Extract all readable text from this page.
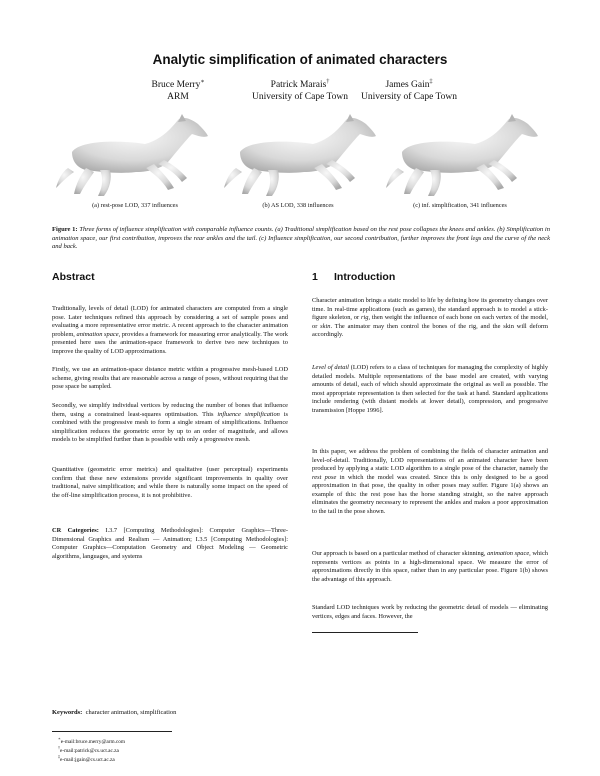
Analytic simplification of animated characters
Bruce Merry∗
ARM
Patrick Marais†
University of Cape Town
James Gain‡
University of Cape Town
(a) rest-pose LOD, 337 influences	(b) AS LOD, 338 influences	(c) inf. simplification, 341 influences
Figure 1: Three forms of influence simplification with comparable influence counts. (a) Traditional simplification based on the rest pose collapses the knees and ankles. (b) Simplification in animation space, our first contribution, improves the rear ankles and the tail. (c) Influence simplification, our second contribution, further improves the front legs and the curve of the neck and back.
Abstract	1 Introduction

Traditionally, levels of detail (LOD) for animated characters are computed from a single pose. Later techniques refined this approach by considering a set of sample poses and evaluating a more representative error metric. A recent approach to the character animation problem, animation space, provides a framework for measuring error analytically. The work presented here uses the animation-space framework to derive two new techniques to improve the quality of LOD approximations.

Firstly, we use an animation-space distance metric within a progressive mesh-based LOD scheme, giving results that are reasonable across a range of poses, without requiring that the pose space be sampled.

Secondly, we simplify individual vertices by reducing the number of bones that influence them, using a constrained least-squares optimisation. This influence simplification is combined with the progressive mesh to form a single stream of simplifications. Influence simplification reduces the geometric error by up to an order of magnitude, and allows models to be simplified further than is possible with only a progressive mesh.

Quantitative (geometric error metrics) and qualitative (user perceptual) experiments confirm that these new extensions provide significant improvements in quality over traditional, naive simplification; and while there is naturally some impact on the speed of the off-line simplification process, it is not prohibitive.

CR Categories: I.3.7 [Computing Methodologies]: Computer Graphics—Three-Dimensional Graphics and Realism — Animation; I.3.5 [Computing Methodologies]: Computer Graphics—Computation Geometry and Object Modeling — Geometric algorithms, languages, and systems

Keywords: character animation, simplification
∗e-mail:bruce.merry@arm.com
†e-mail:patrick@cs.uct.ac.za
‡e-mail:jgain@cs.uct.ac.za

Character animation brings a static model to life by defining how its geometry changes over time. In real-time applications (such as games), the standard approach is to model a stick-figure skeleton, or rig, then weight the influence of each bone on each vertex of the model, or skin. The animator may then control the bones of the rig, and the skin will deform accordingly.

Level of detail (LOD) refers to a class of techniques for managing the complexity of highly detailed models. Multiple representations of the base model are created, with varying amounts of detail, each of which should approximate the original as well as possible. The most appropriate representation is then selected for the task at hand. Standard applications include rendering (with distant models at lower detail), compression, and progressive transmission [Hoppe 1996].

In this paper, we address the problem of combining the fields of character animation and level-of-detail. Traditionally, LOD representations of an animated character have been produced by applying a static LOD algorithm to a single pose of the character, namely the rest pose in which the model was created. Since this is only designed to be a good approximation in that pose, the quality in other poses may suffer. Figure 1(a) shows an example of this: the rest pose has the horse standing straight, so the naive approach eliminates the geometry necessary to represent the ankles and makes a poor approximation to the tail in the pose shown.

Our approach is based on a particular method of character skinning, animation space, which represents vertices as points in a high-dimensional space. We measure the error of approximations directly in this space, rather than in any particular pose. Figure 1(b) shows the advantage of this approach.

Standard LOD techniques work by reducing the geometric detail of models — eliminating vertices, edges and faces. However, the
